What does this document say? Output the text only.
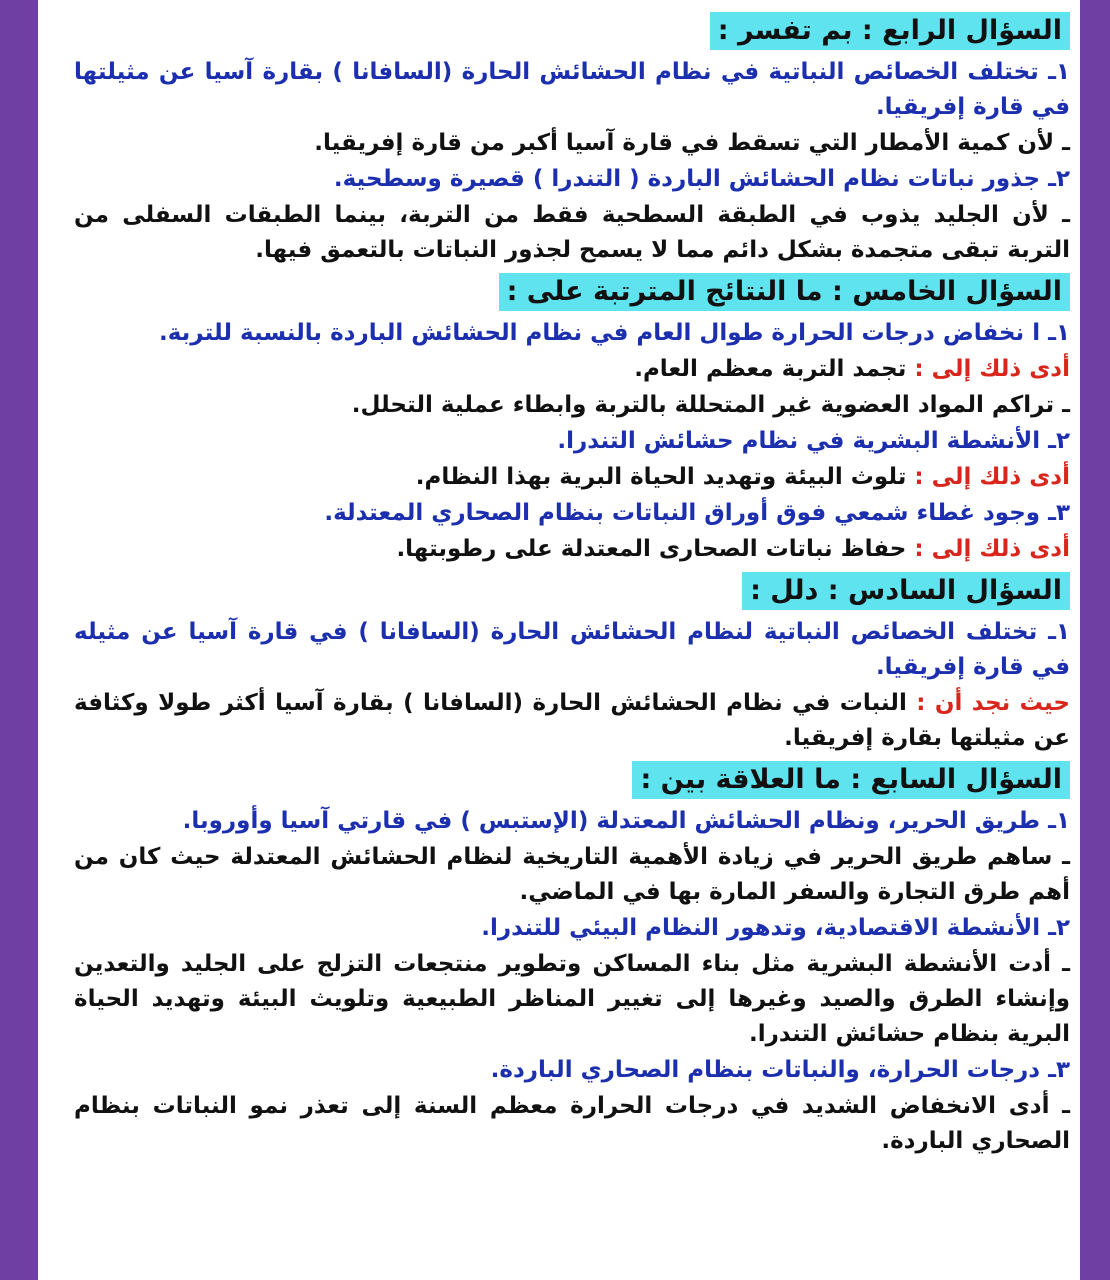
السؤال الرابع : بم تفسر :

١ـ تختلف الخصائص النباتية في نظام الحشائش الحارة (السافانا ) بقارة آسيا عن مثيلتها في قارة إفريقيا.

ـ لأن كمية الأمطار التي تسقط في قارة آسيا أكبر من قارة إفريقيا.

٢ـ جذور نباتات نظام الحشائش الباردة ( التندرا ) قصيرة وسطحية.

ـ لأن الجليد يذوب في الطبقة السطحية فقط من التربة، بينما الطبقات السفلى من التربة تبقى متجمدة بشكل دائم مما لا يسمح لجذور النباتات بالتعمق فيها.

السؤال الخامس : ما النتائج المترتبة على :

١ـ ا نخفاض درجات الحرارة طوال العام في نظام الحشائش الباردة بالنسبة للتربة.

أدى ذلك إلى : تجمد التربة معظم العام.

ـ تراكم المواد العضوية غير المتحللة بالتربة وابطاء عملية التحلل.

٢ـ الأنشطة البشرية في نظام حشائش التندرا.

أدى ذلك إلى : تلوث البيئة وتهديد الحياة البرية بهذا النظام.

٣ـ وجود غطاء شمعي فوق أوراق النباتات بنظام الصحاري المعتدلة.

أدى ذلك إلى : حفاظ نباتات الصحارى المعتدلة على رطوبتها.

السؤال السادس : دلل :

١ـ تختلف الخصائص النباتية لنظام الحشائش الحارة (السافانا ) في قارة آسيا عن مثيله في قارة إفريقيا.

حيث نجد أن : النبات في نظام الحشائش الحارة (السافانا ) بقارة آسيا أكثر طولا وكثافة عن مثيلتها بقارة إفريقيا.

السؤال السابع : ما العلاقة بين :

١ـ طريق الحرير، ونظام الحشائش المعتدلة (الإستبس ) في قارتي آسيا وأوروبا.

ـ ساهم طريق الحرير في زيادة الأهمية التاريخية لنظام الحشائش المعتدلة حيث كان من أهم طرق التجارة والسفر المارة بها في الماضي.

٢ـ الأنشطة الاقتصادية، وتدهور النظام البيئي للتندرا.

ـ أدت الأنشطة البشرية مثل بناء المساكن وتطوير منتجعات التزلج على الجليد والتعدين وإنشاء الطرق والصيد وغيرها إلى تغيير المناظر الطبيعية وتلويث البيئة وتهديد الحياة البرية بنظام حشائش التندرا.

٣ـ درجات الحرارة، والنباتات بنظام الصحاري الباردة.

ـ أدى الانخفاض الشديد في درجات الحرارة معظم السنة إلى تعذر نمو النباتات بنظام الصحاري الباردة.
